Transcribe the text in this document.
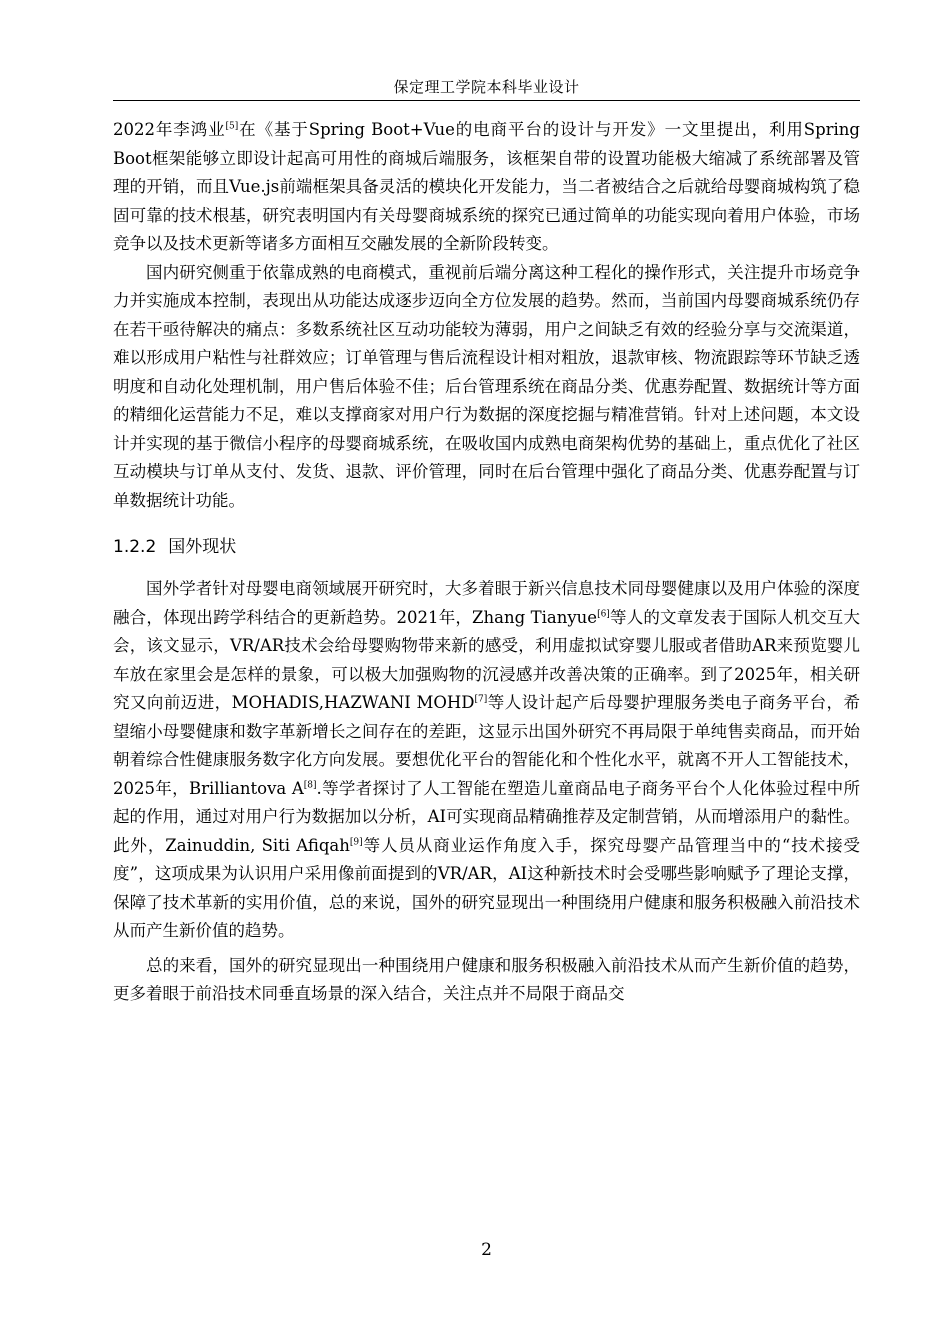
保定理工学院本科毕业设计

2022年李鸿业[5]在《基于Spring Boot+Vue的电商平台的设计与开发》一文里提出，利用Spring Boot框架能够立即设计起高可用性的商城后端服务，该框架自带的设置功能极大缩减了系统部署及管理的开销，而且Vue.js前端框架具备灵活的模块化开发能力，当二者被结合之后就给母婴商城构筑了稳固可靠的技术根基，研究表明国内有关母婴商城系统的探究已通过简单的功能实现向着用户体验，市场竞争以及技术更新等诸多方面相互交融发展的全新阶段转变。

国内研究侧重于依靠成熟的电商模式，重视前后端分离这种工程化的操作形式，关注提升市场竞争力并实施成本控制，表现出从功能达成逐步迈向全方位发展的趋势。然而，当前国内母婴商城系统仍存在若干亟待解决的痛点：多数系统社区互动功能较为薄弱，用户之间缺乏有效的经验分享与交流渠道，难以形成用户粘性与社群效应；订单管理与售后流程设计相对粗放，退款审核、物流跟踪等环节缺乏透明度和自动化处理机制，用户售后体验不佳；后台管理系统在商品分类、优惠券配置、数据统计等方面的精细化运营能力不足，难以支撑商家对用户行为数据的深度挖掘与精准营销。针对上述问题，本文设计并实现的基于微信小程序的母婴商城系统，在吸收国内成熟电商架构优势的基础上，重点优化了社区互动模块与订单从支付、发货、退款、评价管理，同时在后台管理中强化了商品分类、优惠券配置与订单数据统计功能。

1.2.2 国外现状

国外学者针对母婴电商领域展开研究时，大多着眼于新兴信息技术同母婴健康以及用户体验的深度融合，体现出跨学科结合的更新趋势。2021年，Zhang Tianyue[6]等人的文章发表于国际人机交互大会，该文显示，VR/AR技术会给母婴购物带来新的感受，利用虚拟试穿婴儿服或者借助AR来预览婴儿车放在家里会是怎样的景象，可以极大加强购物的沉浸感并改善决策的正确率。到了2025年，相关研究又向前迈进，MOHADIS,HAZWANI MOHD[7]等人设计起产后母婴护理服务类电子商务平台，希望缩小母婴健康和数字革新增长之间存在的差距，这显示出国外研究不再局限于单纯售卖商品，而开始朝着综合性健康服务数字化方向发展。要想优化平台的智能化和个性化水平，就离不开人工智能技术，2025年，Brilliantova A[8].等学者探讨了人工智能在塑造儿童商品电子商务平台个人化体验过程中所起的作用，通过对用户行为数据加以分析，AI可实现商品精确推荐及定制营销，从而增添用户的黏性。此外，Zainuddin, Siti Afiqah[9]等人员从商业运作角度入手，探究母婴产品管理当中的“技术接受度”，这项成果为认识用户采用像前面提到的VR/AR，AI这种新技术时会受哪些影响赋予了理论支撑，保障了技术革新的实用价值，总的来说，国外的研究显现出一种围绕用户健康和服务积极融入前沿技术从而产生新价值的趋势。

总的来看，国外的研究显现出一种围绕用户健康和服务积极融入前沿技术从而产生新价值的趋势，更多着眼于前沿技术同垂直场景的深入结合，关注点并不局限于商品交

2
